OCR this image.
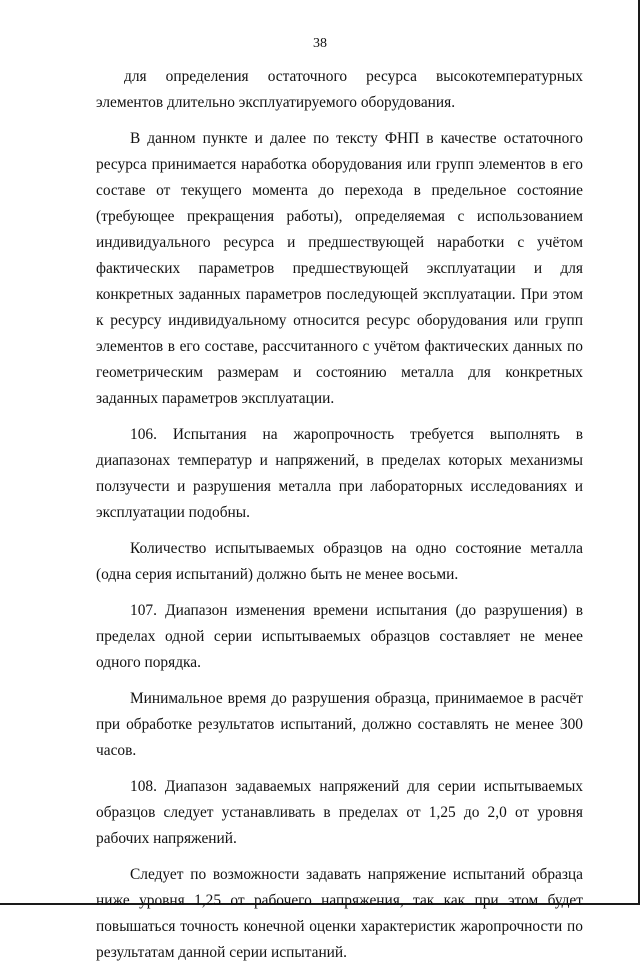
38

для определения остаточного ресурса высокотемпературных элементов длительно эксплуатируемого оборудования.

В данном пункте и далее по тексту ФНП в качестве остаточного ресурса принимается наработка оборудования или групп элементов в его составе от текущего момента до перехода в предельное состояние (требующее прекращения работы), определяемая с использованием индивидуального ресурса и предшествующей наработки с учётом фактических параметров предшествующей эксплуатации и для конкретных заданных параметров последующей эксплуатации. При этом к ресурсу индивидуальному относится ресурс оборудования или групп элементов в его составе, рассчитанного с учётом фактических данных по геометрическим размерам и состоянию металла для конкретных заданных параметров эксплуатации.

106. Испытания на жаропрочность требуется выполнять в диапазонах температур и напряжений, в пределах которых механизмы ползучести и разрушения металла при лабораторных исследованиях и эксплуатации подобны.

Количество испытываемых образцов на одно состояние металла (одна серия испытаний) должно быть не менее восьми.

107. Диапазон изменения времени испытания (до разрушения) в пределах одной серии испытываемых образцов составляет не менее одного порядка.

Минимальное время до разрушения образца, принимаемое в расчёт при обработке результатов испытаний, должно составлять не менее 300 часов.

108. Диапазон задаваемых напряжений для серии испытываемых образцов следует устанавливать в пределах от 1,25 до 2,0 от уровня рабочих напряжений.

Следует по возможности задавать напряжение испытаний образца ниже уровня 1,25 от рабочего напряжения, так как при этом будет повышаться точность конечной оценки характеристик жаропрочности по результатам данной серии испытаний.
